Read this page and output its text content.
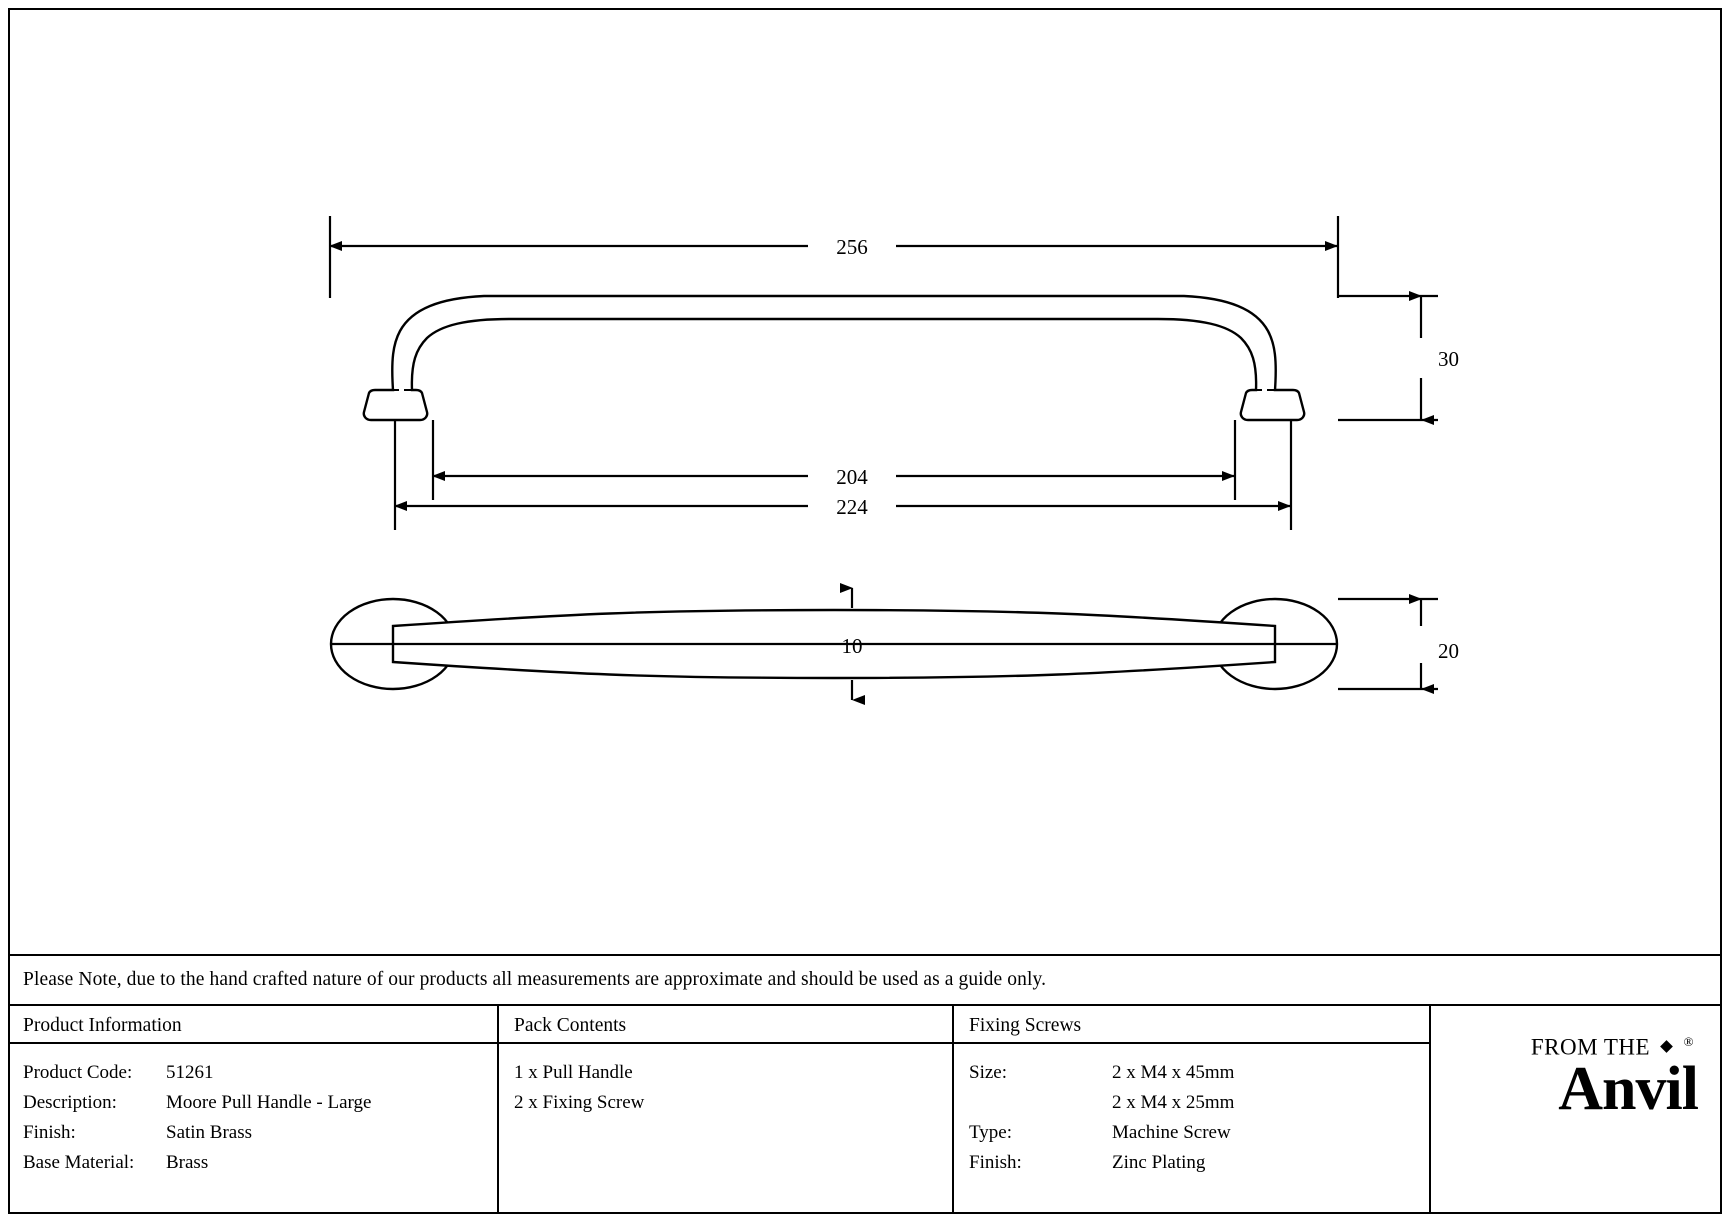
256
30
204
224
10	20
Please Note, due to the hand crafted nature of our products all measurements are approximate and should be used as a guide only.
Product Information
Product Code:	51261
Description:	Moore Pull Handle - Large
Finish:	Satin Brass
Base Material:	Brass
Pack Contents
1 x Pull Handle
2 x Fixing Screw
Fixing Screws
Size:	2 x M4 x 45mm
2 x M4 x 25mm
Type:	Machine Screw
Finish:	Zinc Plating
FROM THE	®
Anvil
